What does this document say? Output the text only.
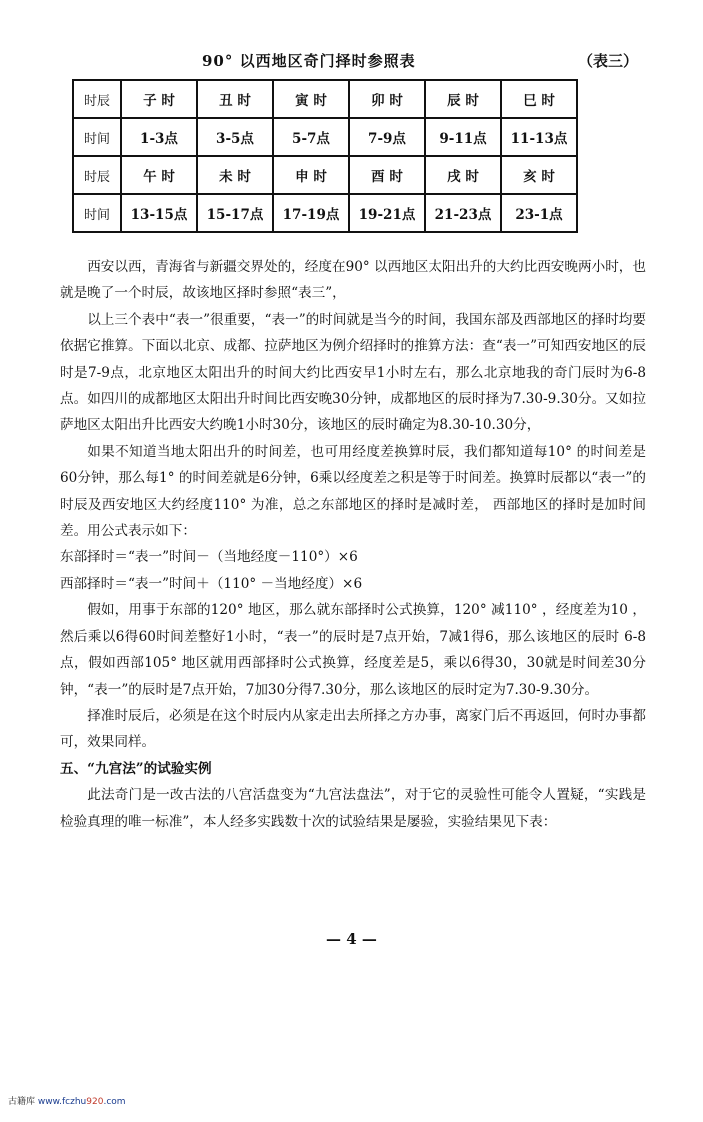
90° 以西地区奇门择时参照表	（表三）
时辰	子 时	丑 时	寅 时	卯 时	辰 时	巳 时
时间	1-3点	3-5点	5-7点	7-9点	9-11点	11-13点
时辰	午 时	未 时	申 时	酉 时	戌 时	亥 时
时间	13-15点	15-17点	17-19点	19-21点	21-23点	23-1点

西安以西，青海省与新疆交界处的，经度在90° 以西地区太阳出升的大约比西安晚两小时，也就是晚了一个时辰，故该地区择时参照“表三”，

以上三个表中“表一”很重要，“表一”的时间就是当今的时间，我国东部及西部地区的择时均要依据它推算。下面以北京、成都、拉萨地区为例介绍择时的推算方法：查“表一”可知西安地区的辰时是7-9点，北京地区太阳出升的时间大约比西安早1小时左右，那么北京地我的奇门辰时为6-8点。如四川的成都地区太阳出升时间比西安晚30分钟，成都地区的辰时择为7.30-9.30分。又如拉萨地区太阳出升比西安大约晚1小时30分，该地区的辰时确定为8.30-10.30分，

如果不知道当地太阳出升的时间差，也可用经度差换算时辰，我们都知道每10° 的时间差是60分钟，那么每1° 的时间差就是6分钟，6乘以经度差之积是等于时间差。换算时辰都以“表一”的时辰及西安地区大约经度110° 为准，总之东部地区的择时是减时差， 西部地区的择时是加时间差。用公式表示如下：

东部择时＝“表一”时间－（当地经度－110°）×6

西部择时＝“表一”时间＋（110° －当地经度）×6

假如，用事于东部的120° 地区，那么就东部择时公式换算，120° 减110° ，经度差为10 ，然后乘以6得60时间差整好1小时，“表一”的辰时是7点开始，7减1得6，那么该地区的辰时 6-8点，假如西部105° 地区就用西部择时公式换算，经度差是5，乘以6得30，30就是时间差30分钟，“表一”的辰时是7点开始，7加30分得7.30分，那么该地区的辰时定为7.30-9.30分。

择准时辰后，必须是在这个时辰内从家走出去所择之方办事，离家门后不再返回，何时办事都可，效果同样。

五、“九宫法”的试验实例

此法奇门是一改古法的八宫活盘变为“九宫法盘法”，对于它的灵验性可能令人置疑，“实践是检验真理的唯一标准”，本人经多实践数十次的试验结果是屡验，实验结果见下表：

— 4 —
古籍库 www.fczhu920.com
